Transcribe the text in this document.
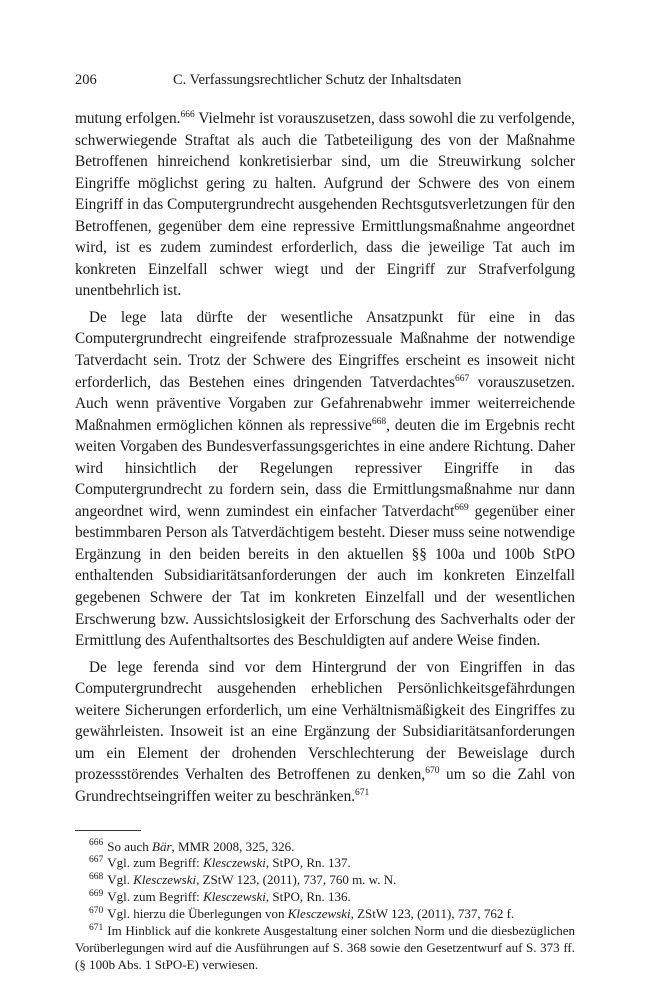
206	C. Verfassungsrechtlicher Schutz der Inhaltsdaten

mutung erfolgen.$^{666}$ Vielmehr ist vorauszusetzen, dass sowohl die zu verfolgende, schwerwiegende Straftat als auch die Tatbeteiligung des von der Maßnahme Betroffenen hinreichend konkretisierbar sind, um die Streuwirkung solcher Eingriffe möglichst gering zu halten. Aufgrund der Schwere des von einem Eingriff in das Computergrundrecht ausgehenden Rechtsgutsverletzungen für den Betroffenen, gegenüber dem eine repressive Ermittlungsmaßnahme angeordnet wird, ist es zudem zumindest erforderlich, dass die jeweilige Tat auch im konkreten Einzelfall schwer wiegt und der Eingriff zur Strafverfolgung unentbehrlich ist.

De lege lata dürfte der wesentliche Ansatzpunkt für eine in das Computergrundrecht eingreifende strafprozessuale Maßnahme der notwendige Tatverdacht sein. Trotz der Schwere des Eingriffes erscheint es insoweit nicht erforderlich, das Bestehen eines dringenden Tatverdachtes$^{667}$ vorauszusetzen. Auch wenn präventive Vorgaben zur Gefahrenabwehr immer weiterreichende Maßnahmen ermöglichen können als repressive$^{668}$, deuten die im Ergebnis recht weiten Vorgaben des Bundesverfassungsgerichtes in eine andere Richtung. Daher wird hinsichtlich der Regelungen repressiver Eingriffe in das Computergrundrecht zu fordern sein, dass die Ermittlungsmaßnahme nur dann angeordnet wird, wenn zumindest ein einfacher Tatverdacht$^{669}$ gegenüber einer bestimmbaren Person als Tatverdächtigem besteht. Dieser muss seine notwendige Ergänzung in den beiden bereits in den aktuellen §§ 100a und 100b StPO enthaltenden Subsidiaritätsanforderungen der auch im konkreten Einzelfall gegebenen Schwere der Tat im konkreten Einzelfall und der wesentlichen Erschwerung bzw. Aussichtslosigkeit der Erforschung des Sachverhalts oder der Ermittlung des Aufenthaltsortes des Beschuldigten auf andere Weise finden.

De lege ferenda sind vor dem Hintergrund der von Eingriffen in das Computergrundrecht ausgehenden erheblichen Persönlichkeitsgefährdungen weitere Sicherungen erforderlich, um eine Verhältnismäßigkeit des Eingriffes zu gewährleisten. Insoweit ist an eine Ergänzung der Subsidiaritätsanforderungen um ein Element der drohenden Verschlechterung der Beweislage durch prozessstörendes Verhalten des Betroffenen zu denken,$^{670}$ um so die Zahl von Grundrechtseingriffen weiter zu beschränken.$^{671}$

$^{666}$ So auch Bär, MMR 2008, 325, 326.

$^{667}$ Vgl. zum Begriff: Klesczewski, StPO, Rn. 137.

$^{668}$ Vgl. Klesczewski, ZStW 123, (2011), 737, 760 m. w. N.

$^{669}$ Vgl. zum Begriff: Klesczewski, StPO, Rn. 136.

$^{670}$ Vgl. hierzu die Überlegungen von Klesczewski, ZStW 123, (2011), 737, 762 f.

$^{671}$ Im Hinblick auf die konkrete Ausgestaltung einer solchen Norm und die diesbezüglichen Vorüberlegungen wird auf die Ausführungen auf S. 368 sowie den Gesetzentwurf auf S. 373 ff. (§ 100b Abs. 1 StPO-E) verwiesen.
